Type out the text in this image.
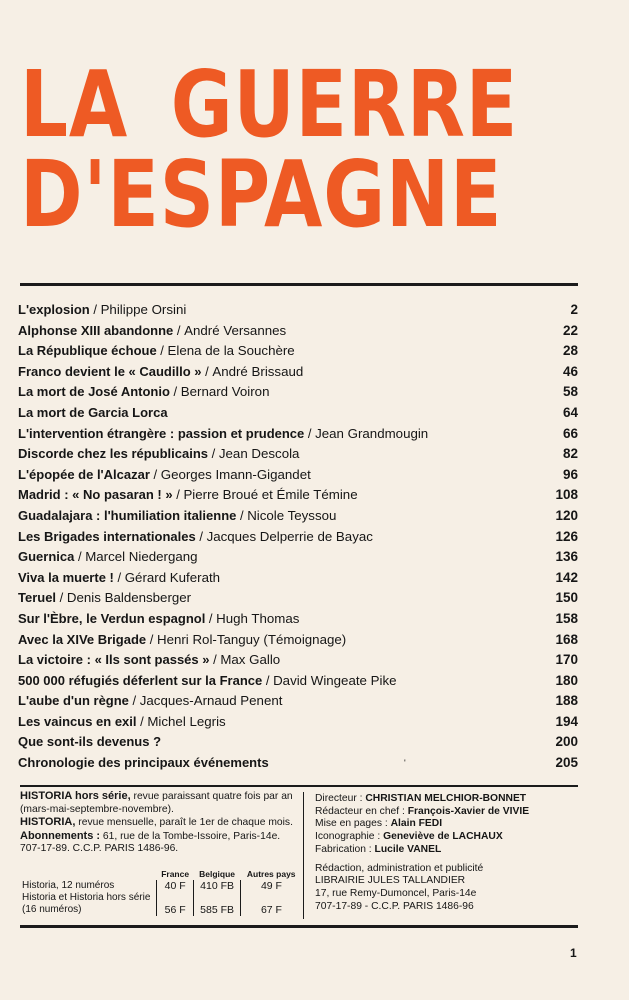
LA GUERRE
D'ESPAGNE
L'explosion / Philippe Orsini	2
Alphonse XIII abandonne / André Versannes	22
La République échoue / Elena de la Souchère	28
Franco devient le « Caudillo » / André Brissaud	46
La mort de José Antonio / Bernard Voiron	58
La mort de Garcia Lorca	64
L'intervention étrangère : passion et prudence / Jean Grandmougin	66
Discorde chez les républicains / Jean Descola	82
L'épopée de l'Alcazar / Georges Imann-Gigandet	96
Madrid : « No pasaran ! » / Pierre Broué et Émile Témine	108
Guadalajara : l'humiliation italienne / Nicole Teyssou	120
Les Brigades internationales / Jacques Delperrie de Bayac	126
Guernica / Marcel Niedergang	136
Viva la muerte ! / Gérard Kuferath	142
Teruel / Denis Baldensberger	150
Sur l'Èbre, le Verdun espagnol / Hugh Thomas	158
Avec la XIVe Brigade / Henri Rol-Tanguy (Témoignage)	168
La victoire : « Ils sont passés » / Max Gallo	170
500 000 réfugiés déferlent sur la France / David Wingeate Pike	180
L'aube d'un règne / Jacques-Arnaud Penent	188
Les vaincus en exil / Michel Legris	194
Que sont-ils devenus ?	200
Chronologie des principaux événements	205
'

HISTORIA hors série, revue paraissant quatre fois par an (mars-mai-septembre-novembre).

HISTORIA, revue mensuelle, paraît le 1er de chaque mois.

Abonnements : 61, rue de la Tombe-Issoire, Paris-14e. 707-17-89. C.C.P. PARIS 1486-96.

	France	Belgique	Autres pays
Historia, 12 numéros	40 F	410 FB	49 F
Historia et Historia hors série (16 numéros)	56 F	585 FB	67 F

Directeur : CHRISTIAN MELCHIOR-BONNET

Rédacteur en chef : François-Xavier de VIVIE

Mise en pages : Alain FEDI

Iconographie : Geneviève de LACHAUX

Fabrication : Lucile VANEL

Rédaction, administration et publicité

LIBRAIRIE JULES TALLANDIER

17, rue Remy-Dumoncel, Paris-14e

707-17-89 - C.C.P. PARIS 1486-96

1
